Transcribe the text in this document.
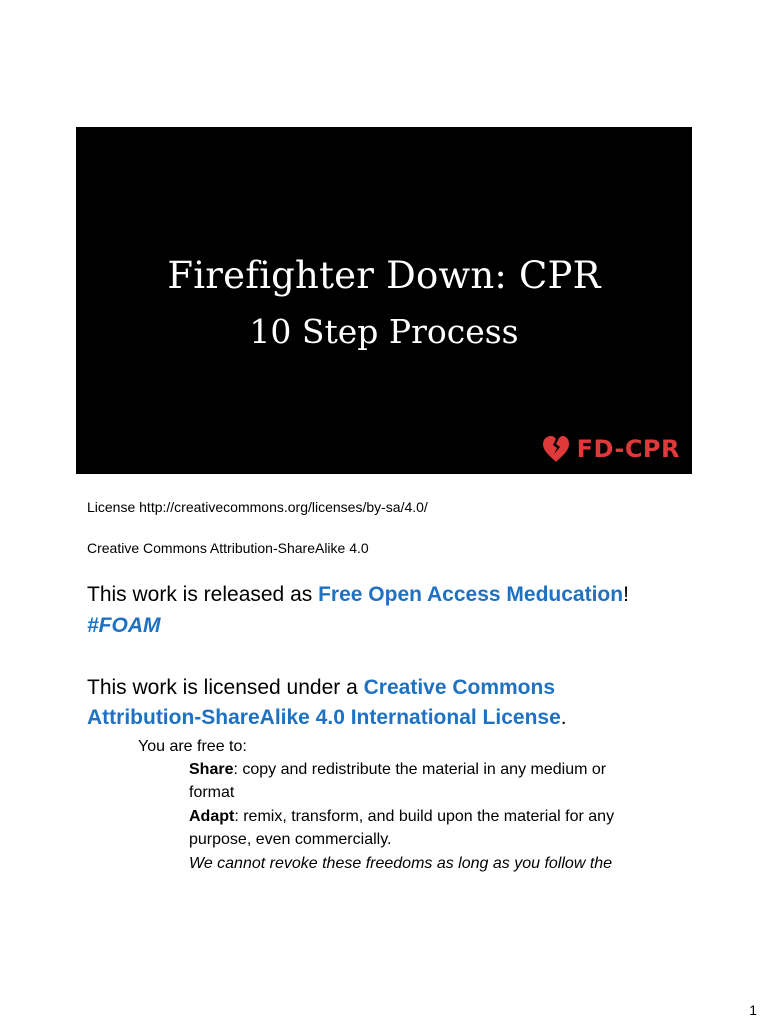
Firefighter Down: CPR
10 Step Process
FD-CPR
License http://creativecommons.org/licenses/by-sa/4.0/
Creative Commons Attribution-ShareAlike 4.0
This work is released as Free Open Access Meducation!
#FOAM
This work is licensed under a Creative Commons
Attribution-ShareAlike 4.0 International License.
You are free to:
Share: copy and redistribute the material in any medium or
format
Adapt: remix, transform, and build upon the material for any
purpose, even commercially.
We cannot revoke these freedoms as long as you follow the
1
